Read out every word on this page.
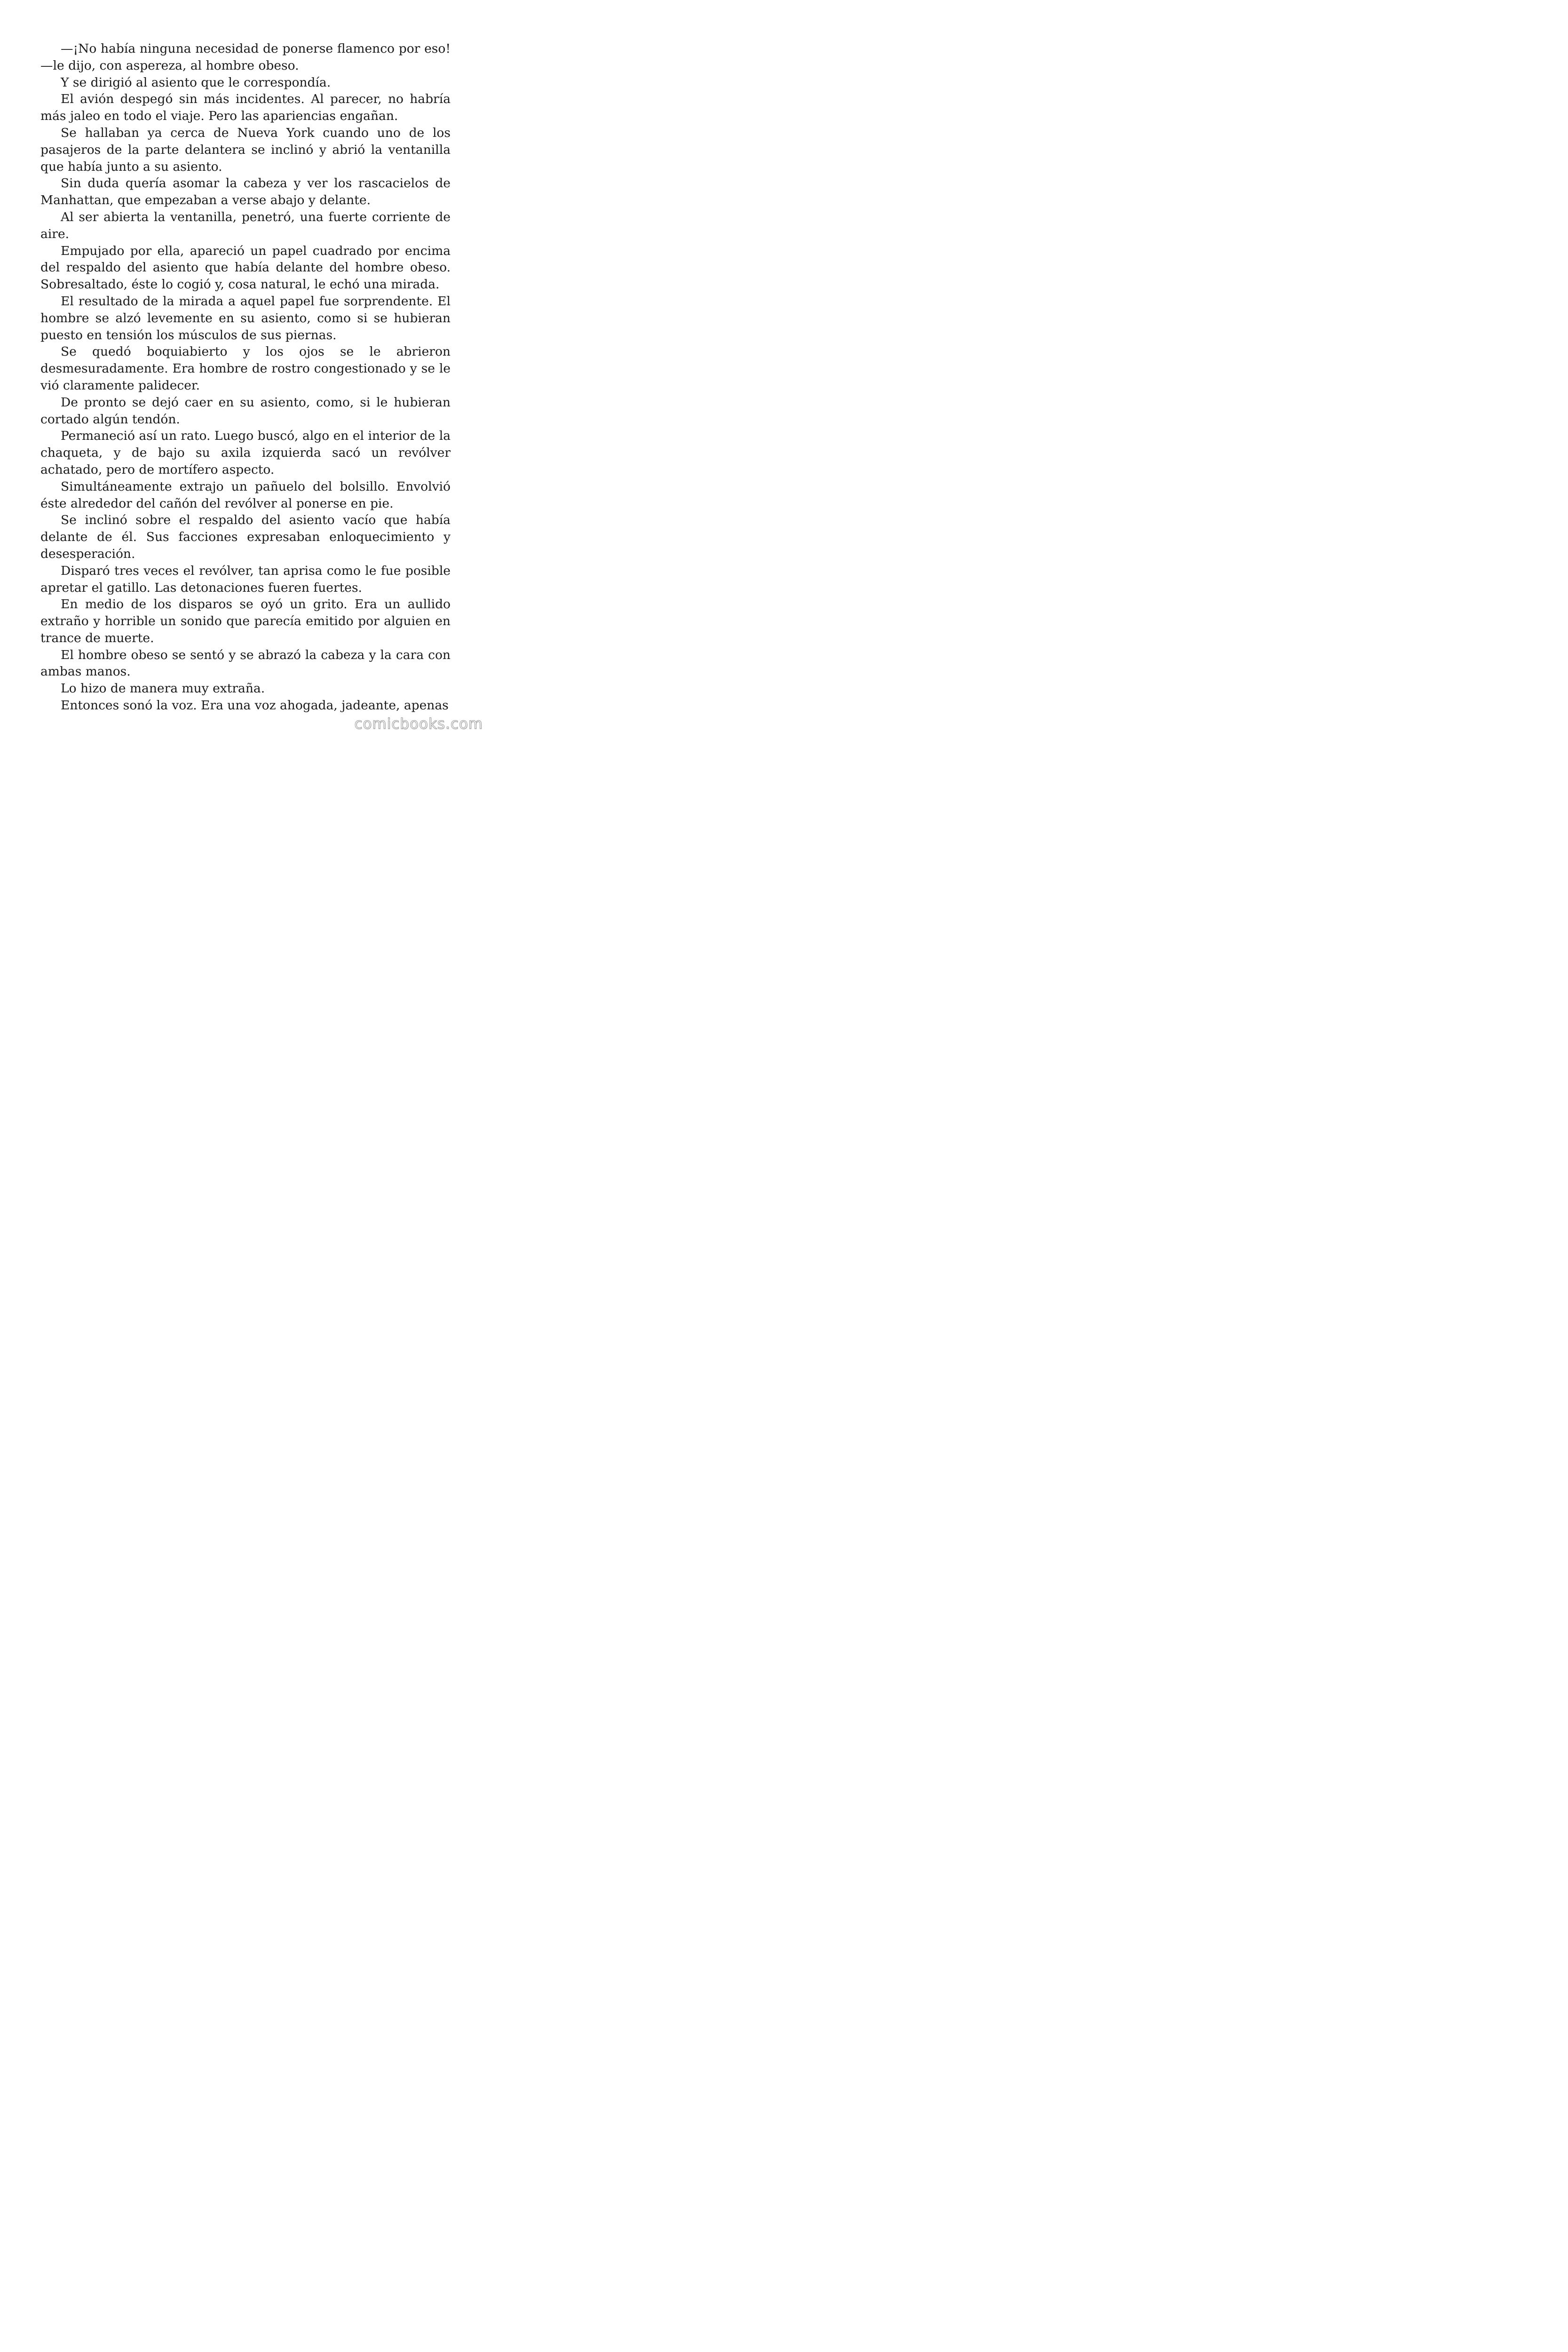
—¡No había ninguna necesidad de ponerse flamenco por eso! —le dijo, con aspereza, al hombre obeso.

Y se dirigió al asiento que le correspondía.

El avión despegó sin más incidentes. Al parecer, no habría más jaleo en todo el viaje. Pero las apariencias engañan.

Se hallaban ya cerca de Nueva York cuando uno de los pasajeros de la parte delantera se inclinó y abrió la ventanilla que había junto a su asiento.

Sin duda quería asomar la cabeza y ver los rascacielos de Manhattan, que empezaban a verse abajo y delante.

Al ser abierta la ventanilla, penetró, una fuerte corriente de aire.

Empujado por ella, apareció un papel cuadrado por encima del respaldo del asiento que había delante del hombre obeso. Sobresaltado, éste lo cogió y, cosa natural, le echó una mirada.

El resultado de la mirada a aquel papel fue sorprendente. El hombre se alzó levemente en su asiento, como si se hubieran puesto en tensión los músculos de sus piernas.

Se quedó boquiabierto y los ojos se le abrieron desmesuradamente. Era hombre de rostro congestionado y se le vió claramente palidecer.

De pronto se dejó caer en su asiento, como, si le hubieran cortado algún tendón.

Permaneció así un rato. Luego buscó, algo en el interior de la chaqueta, y de bajo su axila izquierda sacó un revólver achatado, pero de mortífero aspecto.

Simultáneamente extrajo un pañuelo del bolsillo. Envolvió éste alrededor del cañón del revólver al ponerse en pie.

Se inclinó sobre el respaldo del asiento vacío que había delante de él. Sus facciones expresaban enloquecimiento y desesperación.

Disparó tres veces el revólver, tan aprisa como le fue posible apretar el gatillo. Las detonaciones fueren fuertes.

En medio de los disparos se oyó un grito. Era un aullido extraño y horrible un sonido que parecía emitido por alguien en trance de muerte.

El hombre obeso se sentó y se abrazó la cabeza y la cara con ambas manos.

Lo hizo de manera muy extraña.

Entonces sonó la voz. Era una voz ahogada, jadeante, apenas

comicbooks.com
